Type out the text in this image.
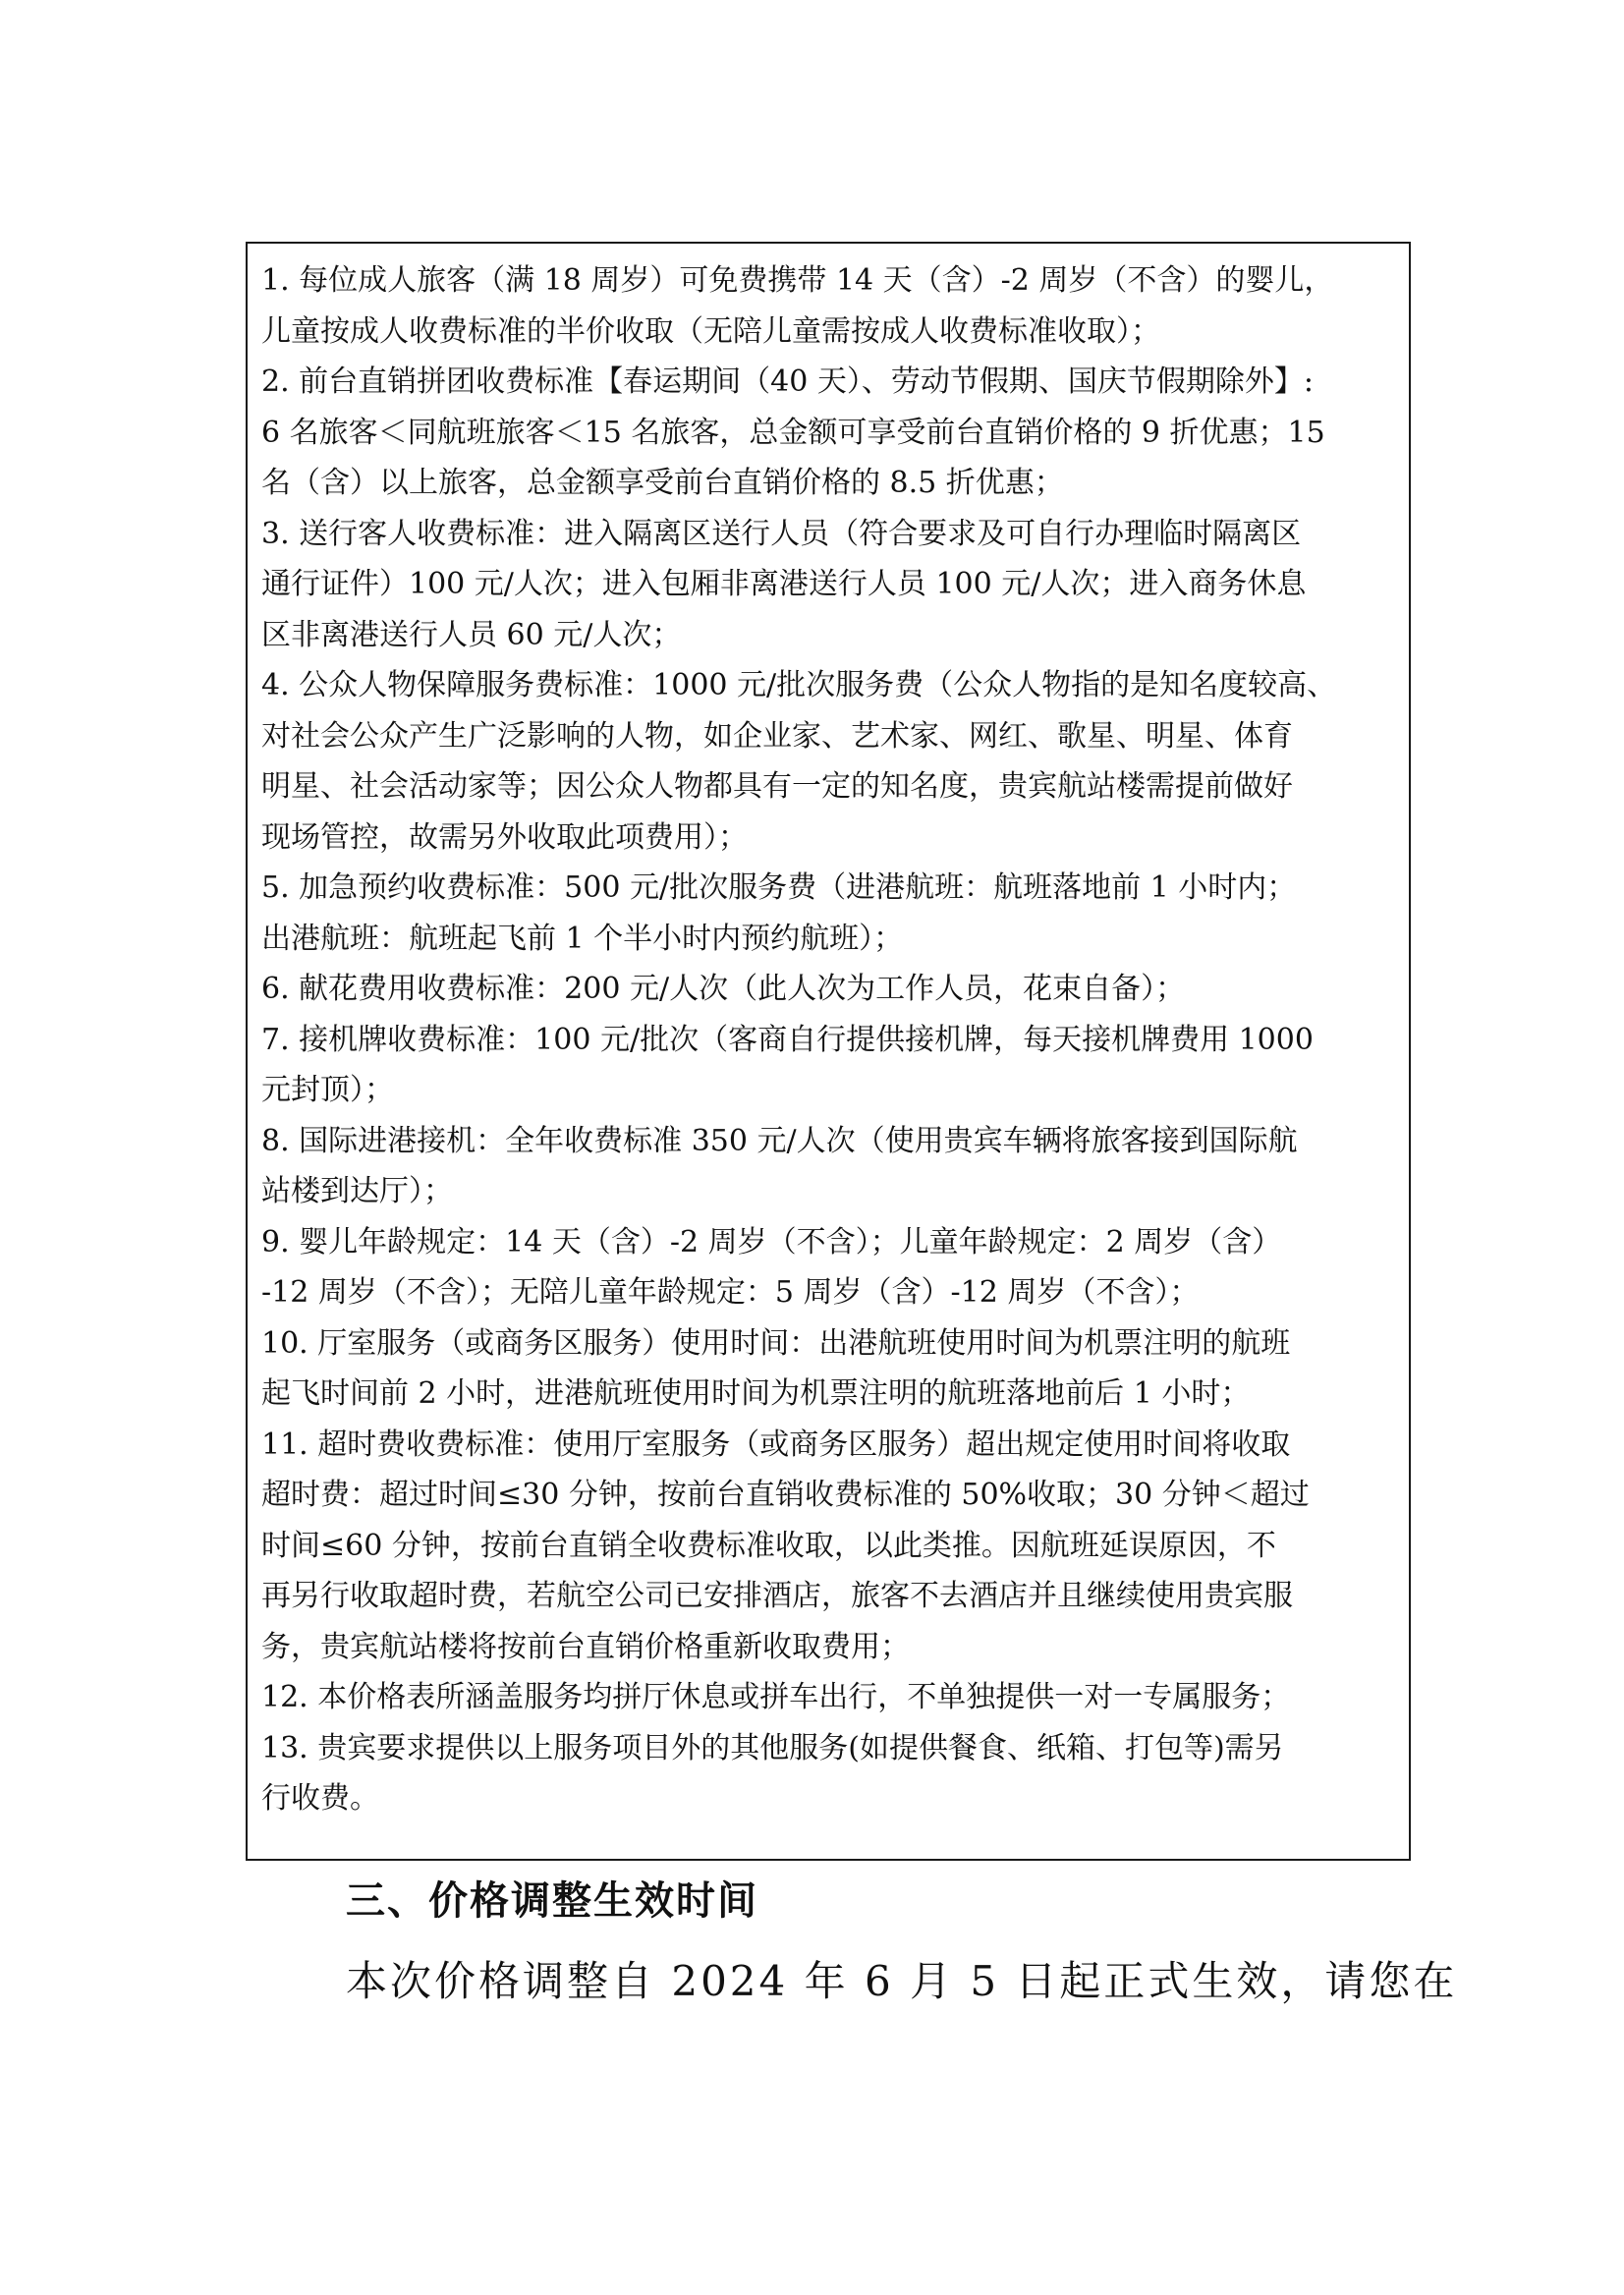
1. 每位成人旅客（满 18 周岁）可免费携带 14 天（含）-2 周岁（不含）的婴儿，
儿童按成人收费标准的半价收取（无陪儿童需按成人收费标准收取）；
2. 前台直销拼团收费标准【春运期间（40 天）、劳动节假期、国庆节假期除外】:
6 名旅客＜同航班旅客＜15 名旅客，总金额可享受前台直销价格的 9 折优惠；15
名（含）以上旅客，总金额享受前台直销价格的 8.5 折优惠；
3. 送行客人收费标准：进入隔离区送行人员（符合要求及可自行办理临时隔离区
通行证件）100 元/人次；进入包厢非离港送行人员 100 元/人次；进入商务休息
区非离港送行人员 60 元/人次；
4. 公众人物保障服务费标准：1000 元/批次服务费（公众人物指的是知名度较高、
对社会公众产生广泛影响的人物，如企业家、艺术家、网红、歌星、明星、体育
明星、社会活动家等；因公众人物都具有一定的知名度，贵宾航站楼需提前做好
现场管控，故需另外收取此项费用）；
5. 加急预约收费标准：500 元/批次服务费（进港航班：航班落地前 1 小时内；
出港航班：航班起飞前 1 个半小时内预约航班）；
6. 献花费用收费标准：200 元/人次（此人次为工作人员，花束自备）；
7. 接机牌收费标准：100 元/批次（客商自行提供接机牌，每天接机牌费用 1000
元封顶）；
8. 国际进港接机：全年收费标准 350 元/人次（使用贵宾车辆将旅客接到国际航
站楼到达厅）；
9. 婴儿年龄规定：14 天（含）-2 周岁（不含）；儿童年龄规定：2 周岁（含）
-12 周岁（不含）；无陪儿童年龄规定：5 周岁（含）-12 周岁（不含）；
10. 厅室服务（或商务区服务）使用时间：出港航班使用时间为机票注明的航班
起飞时间前 2 小时，进港航班使用时间为机票注明的航班落地前后 1 小时；
11. 超时费收费标准：使用厅室服务（或商务区服务）超出规定使用时间将收取
超时费：超过时间≤30 分钟，按前台直销收费标准的 50%收取；30 分钟＜超过
时间≤60 分钟，按前台直销全收费标准收取，以此类推。因航班延误原因，不
再另行收取超时费，若航空公司已安排酒店，旅客不去酒店并且继续使用贵宾服
务，贵宾航站楼将按前台直销价格重新收取费用；
12. 本价格表所涵盖服务均拼厅休息或拼车出行，不单独提供一对一专属服务；
13. 贵宾要求提供以上服务项目外的其他服务(如提供餐食、纸箱、打包等)需另
行收费。
三、价格调整生效时间
本次价格调整自 2024 年 6 月 5 日起正式生效，请您在
